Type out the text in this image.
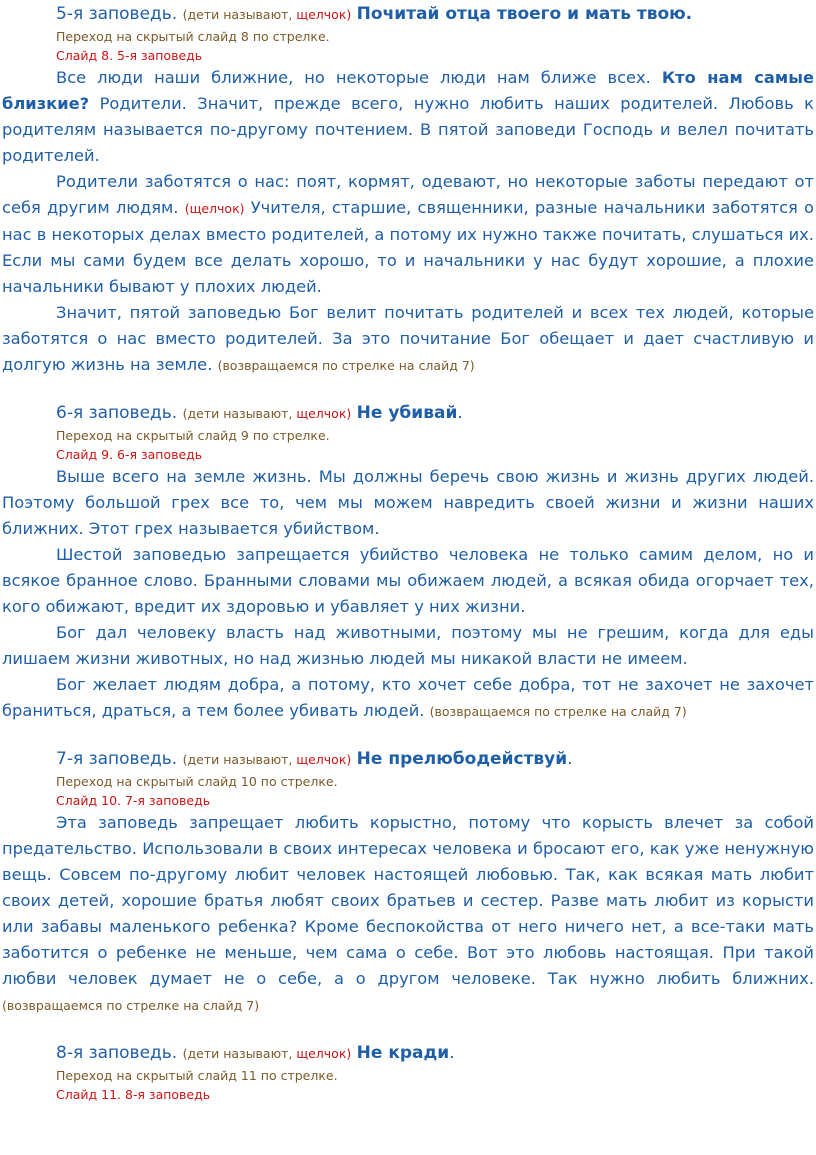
5-я заповедь. (дети называют, щелчок) Почитай отца твоего и мать твою.

Переход на скрытый слайд 8 по стрелке.

Слайд 8. 5-я заповедь

Все люди наши ближние, но некоторые люди нам ближе всех. Кто нам самые близкие? Родители. Значит, прежде всего, нужно любить наших родителей. Любовь к родителям называется по-другому почтением. В пятой заповеди Господь и велел почитать родителей.

Родители заботятся о нас: поят, кормят, одевают, но некоторые заботы передают от себя другим людям. (щелчок) Учителя, старшие, священники, разные начальники заботятся о нас в некоторых делах вместо родителей, а потому их нужно также почитать, слушаться их. Если мы сами будем все делать хорошо, то и начальники у нас будут хорошие, а плохие начальники бывают у плохих людей.

Значит, пятой заповедью Бог велит почитать родителей и всех тех людей, которые заботятся о нас вместо родителей. За это почитание Бог обещает и дает счастливую и долгую жизнь на земле. (возвращаемся по стрелке на слайд 7)

6-я заповедь. (дети называют, щелчок) Не убивай.

Переход на скрытый слайд 9 по стрелке.

Слайд 9. 6-я заповедь

Выше всего на земле жизнь. Мы должны беречь свою жизнь и жизнь других людей. Поэтому большой грех все то, чем мы можем навредить своей жизни и жизни наших ближних. Этот грех называется убийством.

Шестой заповедью запрещается убийство человека не только самим делом, но и всякое бранное слово. Бранными словами мы обижаем людей, а всякая обида огорчает тех, кого обижают, вредит их здоровью и убавляет у них жизни.

Бог дал человеку власть над животными, поэтому мы не грешим, когда для еды лишаем жизни животных, но над жизнью людей мы никакой власти не имеем.

Бог желает людям добра, а потому, кто хочет себе добра, тот не захочет не захочет браниться, драться, а тем более убивать людей. (возвращаемся по стрелке на слайд 7)

7-я заповедь. (дети называют, щелчок) Не прелюбодействуй.

Переход на скрытый слайд 10 по стрелке.

Слайд 10. 7-я заповедь

Эта заповедь запрещает любить корыстно, потому что корысть влечет за собой предательство. Использовали в своих интересах человека и бросают его, как уже ненужную вещь. Совсем по-другому любит человек настоящей любовью. Так, как всякая мать любит своих детей, хорошие братья любят своих братьев и сестер. Разве мать любит из корысти или забавы маленького ребенка? Кроме беспокойства от него ничего нет, а все-таки мать заботится о ребенке не меньше, чем сама о себе. Вот это любовь настоящая. При такой любви человек думает не о себе, а о другом человеке. Так нужно любить ближних. (возвращаемся по стрелке на слайд 7)

8-я заповедь. (дети называют, щелчок) Не кради.

Переход на скрытый слайд 11 по стрелке.

Слайд 11. 8-я заповедь
